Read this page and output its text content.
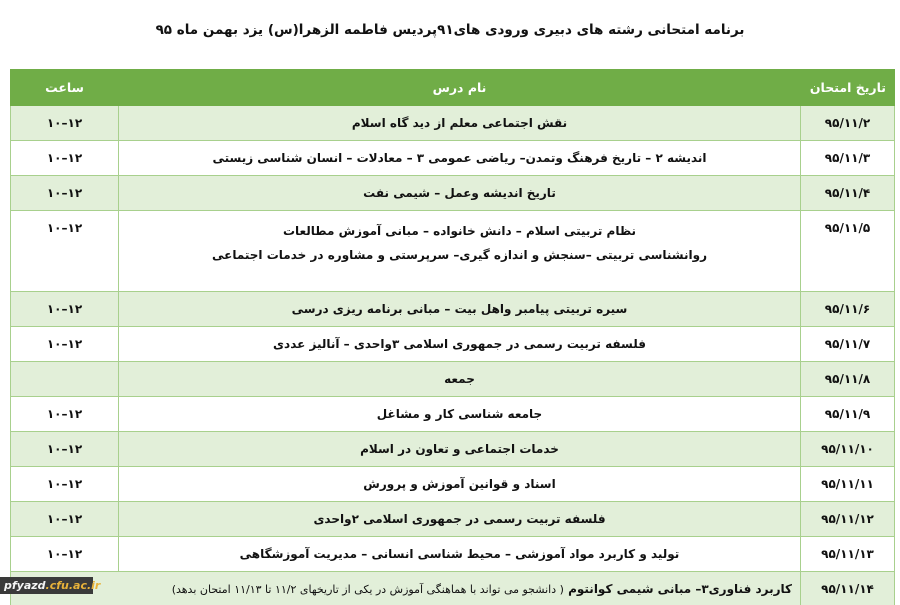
برنامه امتحانی رشته های دبیری ورودی های۹۱پردیس فاطمه الزهرا(س) یزد بهمن ماه ۹۵
تاریخ امتحان	نام درس	ساعت
۹۵/۱۱/۲	نقش اجتماعی معلم از دید گاه اسلام	۱۰–۱۲
۹۵/۱۱/۳	اندیشه ۲ – تاریخ فرهنگ وتمدن– ریاضی عمومی ۳ – معادلات – انسان شناسی زیستی	۱۰–۱۲
۹۵/۱۱/۴	تاریخ اندیشه وعمل – شیمی نفت	۱۰–۱۲
۹۵/۱۱/۵	نظام تربیتی اسلام – دانش خانواده – مبانی آموزش مطالعات
روانشناسی تربیتی –سنجش و اندازه گیری– سرپرستی و مشاوره در خدمات اجتماعی	۱۰–۱۲
۹۵/۱۱/۶	سیره تربیتی پیامبر واهل بیت – مبانی برنامه ریزی درسی	۱۰–۱۲
۹۵/۱۱/۷	فلسفه تربیت رسمی در جمهوری اسلامی ۳واحدی – آنالیز عددی	۱۰–۱۲
۹۵/۱۱/۸	جمعه	
۹۵/۱۱/۹	جامعه شناسی کار و مشاغل	۱۰–۱۲
۹۵/۱۱/۱۰	خدمات اجتماعی و تعاون در اسلام	۱۰–۱۲
۹۵/۱۱/۱۱	اسناد و قوانین آموزش و پرورش	۱۰–۱۲
۹۵/۱۱/۱۲	فلسفه تربیت رسمی در جمهوری اسلامی ۲واحدی	۱۰–۱۲
۹۵/۱۱/۱۳	تولید و کاربرد مواد آموزشی – محیط شناسی انسانی – مدیریت آموزشگاهی	۱۰–۱۲
۹۵/۱۱/۱۴	کاربرد فناوری۳– مبانی شیمی کوانتوم ( دانشجو می تواند با هماهنگی آموزش در یکی از تاریخهای ۱۱/۲ تا ۱۱/۱۳ امتحان بدهد)	
pfyazd.cfu.ac.ir
